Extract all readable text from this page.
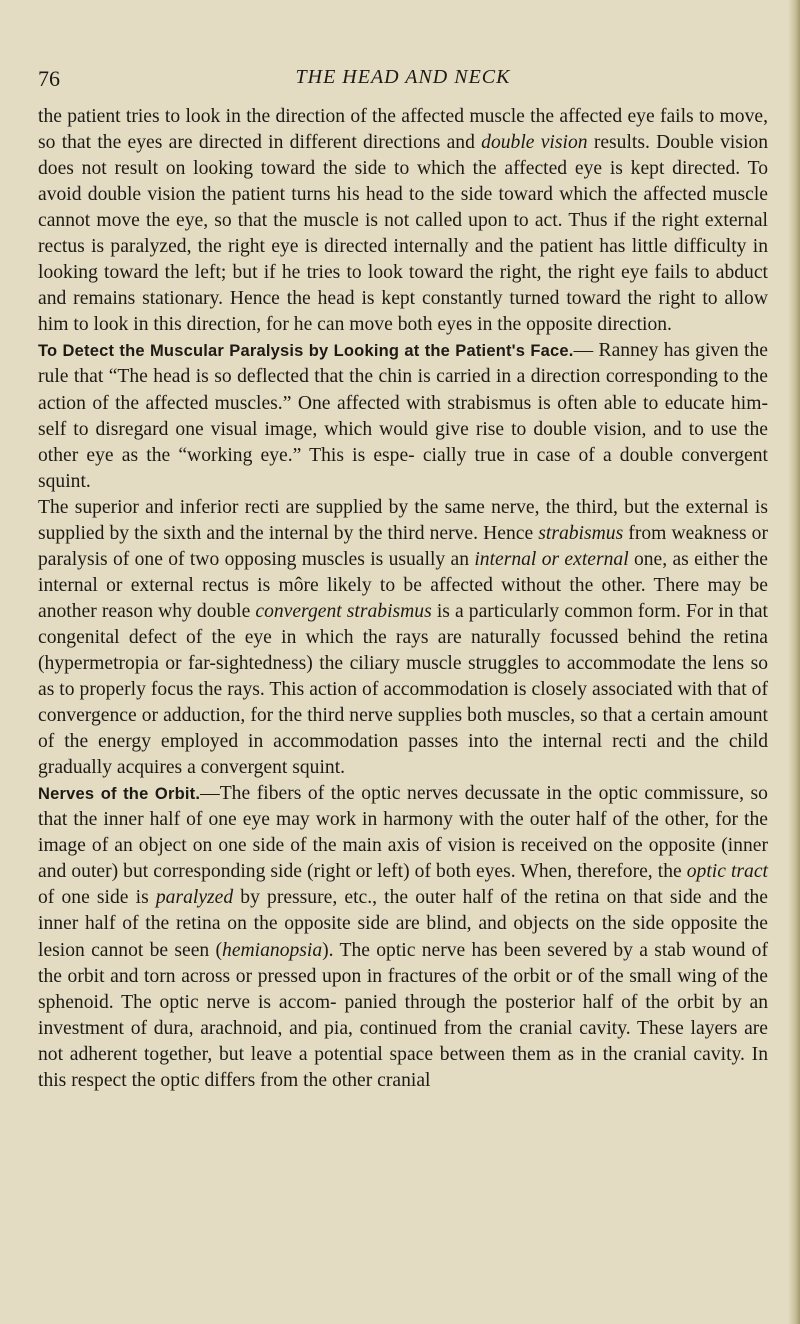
76	THE HEAD AND NECK

the patient tries to look in the direction of the affected muscle the affected eye fails to move, so that the eyes are directed in different directions and double vision results. Double vision does not result on looking toward the side to which the affected eye is kept directed. To avoid double vision the patient turns his head to the side toward which the affected muscle cannot move the eye, so that the muscle is not called upon to act. Thus if the right external rectus is paralyzed, the right eye is directed internally and the patient has little difficulty in looking toward the left; but if he tries to look toward the right, the right eye fails to abduct and remains stationary. Hence the head is kept constantly turned toward the right to allow him to look in this direction, for he can move both eyes in the opposite direction.

To Detect the Muscular Paralysis by Looking at the Patient's Face.— Ranney has given the rule that “The head is so deflected that the chin is carried in a direction corresponding to the action of the affected muscles.” One affected with strabismus is often able to educate him- self to disregard one visual image, which would give rise to double vision, and to use the other eye as the “working eye.” This is espe- cially true in case of a double convergent squint.

The superior and inferior recti are supplied by the same nerve, the third, but the external is supplied by the sixth and the internal by the third nerve. Hence strabismus from weakness or paralysis of one of two opposing muscles is usually an internal or external one, as either the internal or external rectus is môre likely to be affected without the other. There may be another reason why double convergent strabismus is a particularly common form. For in that congenital defect of the eye in which the rays are naturally focussed behind the retina (hypermetropia or far-sightedness) the ciliary muscle struggles to accommodate the lens so as to properly focus the rays. This action of accommodation is closely associated with that of convergence or adduction, for the third nerve supplies both muscles, so that a certain amount of the energy employed in accommodation passes into the internal recti and the child gradually acquires a convergent squint.

Nerves of the Orbit.—The fibers of the optic nerves decussate in the optic commissure, so that the inner half of one eye may work in harmony with the outer half of the other, for the image of an object on one side of the main axis of vision is received on the opposite (inner and outer) but corresponding side (right or left) of both eyes. When, therefore, the optic tract of one side is paralyzed by pressure, etc., the outer half of the retina on that side and the inner half of the retina on the opposite side are blind, and objects on the side opposite the lesion cannot be seen (hemianopsia). The optic nerve has been severed by a stab wound of the orbit and torn across or pressed upon in fractures of the orbit or of the small wing of the sphenoid. The optic nerve is accom- panied through the posterior half of the orbit by an investment of dura, arachnoid, and pia, continued from the cranial cavity. These layers are not adherent together, but leave a potential space between them as in the cranial cavity. In this respect the optic differs from the other cranial
